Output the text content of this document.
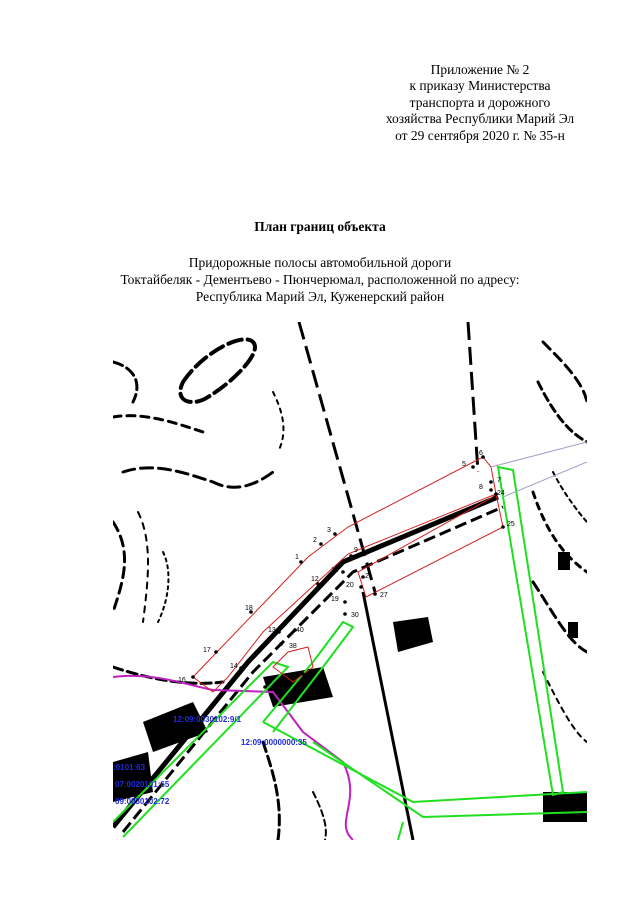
Приложение № 2
к приказу Министерства
транспорта и дорожного
хозяйства Республики Марий Эл
от 29 сентября 2020 г. № 35-н
План границ объекта
Придорожные полосы автомобильной дороги
Токтайбеляк - Дементьево - Пюнчерюмал, расположенной по адресу:
Республика Марий Эл, Куженерский район
1
2
3
5
6
7
8
24
25
9
11
12	21
20
19
27
30
18
13	40
17
38
14
33
16
35
12:09:0030102:9/1
12:09:0000000:35
:0101:63
07:0020101:65
09:0030102:72
